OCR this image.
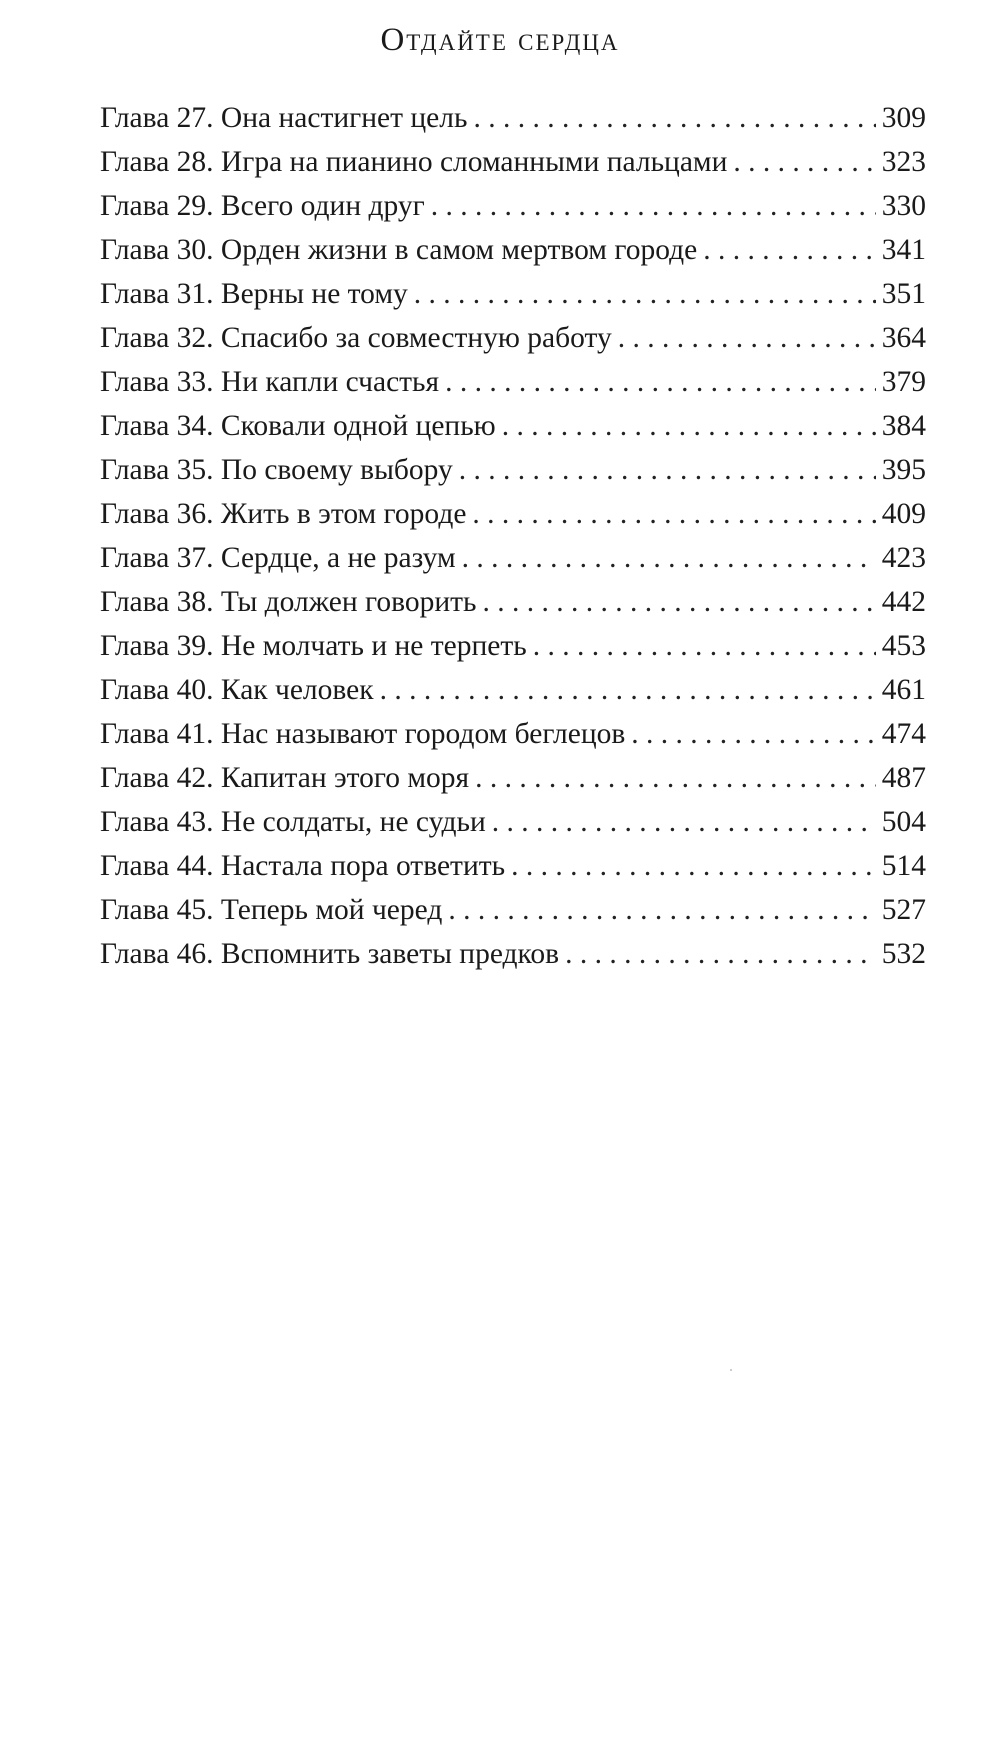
Отдайте сердца
Глава 27. Она настигнет цель . . .	309
Глава 28. Игра на пианино сломанными пальцами . . .	323
Глава 29. Всего один друг . . .	330
Глава 30. Орден жизни в самом мертвом городе . . .	341
Глава 31. Верны не тому . . .	351
Глава 32. Спасибо за совместную работу . . .	364
Глава 33. Ни капли счастья . . .	379
Глава 34. Сковали одной цепью . . .	384
Глава 35. По своему выбору . . .	395
Глава 36. Жить в этом городе . . .	409
Глава 37. Сердце, а не разум . . .	423
Глава 38. Ты должен говорить . . .	442
Глава 39. Не молчать и не терпеть . . .	453
Глава 40. Как человек . . .	461
Глава 41. Нас называют городом беглецов . . .	474
Глава 42. Капитан этого моря . . .	487
Глава 43. Не солдаты, не судьи . . .	504
Глава 44. Настала пора ответить . . .	514
Глава 45. Теперь мой черед . . .	527
Глава 46. Вспомнить заветы предков . . .	532
